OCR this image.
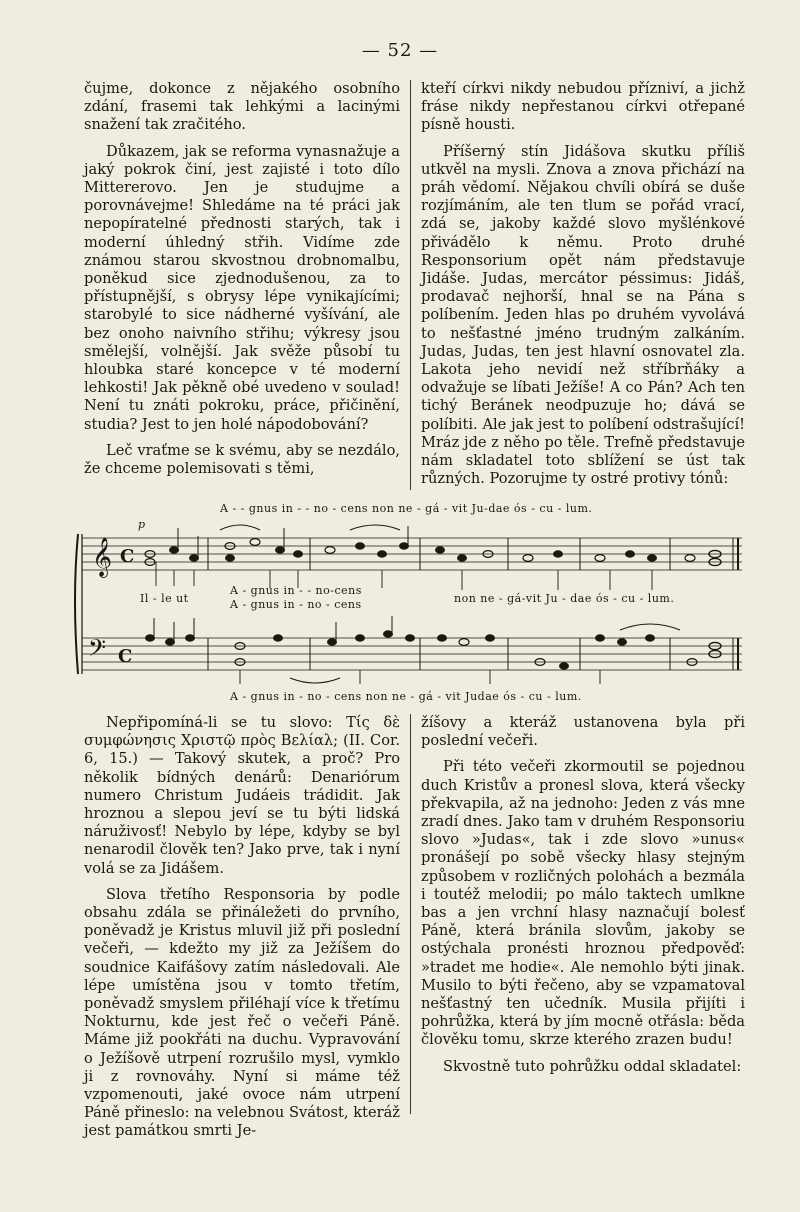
— 52 —

čujme, dokonce z nějakého osobního zdání, frasemi tak lehkými a lacinými snažení tak zračitého.

Důkazem, jak se reforma vynasnažuje a jaký pokrok činí, jest zajisté i toto dílo Mittererovo. Jen je studujme a porovnávejme! Shledáme na té práci jak nepopíratelné přednosti starých, tak i moderní úhledný střih. Vidíme zde známou starou skvostnou drobnomalbu, poněkud sice zjednodušenou, za to přístupnější, s obrysy lépe vynikajícími; starobylé to sice nádherné vyšívání, ale bez onoho naivního střihu; výkresy jsou smělejší, volnější. Jak svěže působí tu hloubka staré koncepce v té moderní lehkosti! Jak pěkně obé uvedeno v soulad! Není tu znáti pokroku, práce, přičinění, studia? Jest to jen holé nápodobování?

Leč vraťme se k svému, aby se nezdálo, že chceme polemisovati s těmi,

kteří církvi nikdy nebudou přízniví, a jichž fráse nikdy nepřestanou církvi otřepané písně housti.

Příšerný stín Jidášova skutku příliš utkvěl na mysli. Znova a znova přichází na práh vědomí. Nějakou chvíli obírá se duše rozjímáním, ale ten tlum se pořád vrací, zdá se, jakoby každé slovo myšlénkové přivádělo k němu. Proto druhé Responsorium opět nám představuje Jidáše. Judas, mercátor péssimus: Jidáš, prodavač nejhorší, hnal se na Pána s políbením. Jeden hlas po druhém vyvolává to nešťastné jméno trudným zalkáním. Judas, Judas, ten jest hlavní osnovatel zla. Lakota jeho nevidí než stříbrňáky a odvažuje se líbati Ježíše! A co Pán? Ach ten tichý Beránek neodpuzuje ho; dává se políbiti. Ale jak jest to políbení odstrašující! Mráz jde z něho po těle. Trefně představuje nám skladatel toto sblížení se úst tak různých. Pozorujme ty ostré protivy tónů:

A - - gnus in - - no - cens non ne - gá - vit Ju-dae ós - cu - lum.
p
𝄞 C
Il - le ut
A - gnus in - - no-cens
A - gnus in - no - cens	non ne - gá-vit Ju - dae ós - cu - lum.
𝄢 C
A - gnus in - no - cens non ne - gá - vit Judae ós - cu - lum.

Nepřipomíná-li se tu slovo: Τίς δὲ συμφώνησις Χριστῷ πρὸς Βελίαλ; (II. Cor. 6, 15.) — Takový skutek, a proč? Pro několik bídných denárů: Denariórum numero Christum Judáeis trádidit. Jak hroznou a slepou jeví se tu býti lidská náruživosť! Nebylo by lépe, kdyby se byl nenarodil člověk ten? Jako prve, tak i nyní volá se za Jidášem.

Slova třetího Responsoria by podle obsahu zdála se přináležeti do prvního, poněvadž je Kristus mluvil již při poslední večeři, — kdežto my již za Ježíšem do soudnice Kaifášovy zatím následovali. Ale lépe umístěna jsou v tomto třetím, poněvadž smyslem přiléhají více k třetímu Nokturnu, kde jest řeč o večeři Páně. Máme již pookřáti na duchu. Vypravování o Ježíšově utrpení rozrušilo mysl, vymklo ji z rovnováhy. Nyní si máme též vzpomenouti, jaké ovoce nám utrpení Páně přineslo: na velebnou Svátost, kteráž jest památkou smrti Je-

žíšovy a kteráž ustanovena byla při poslední večeři.

Při této večeři zkormoutil se pojednou duch Kristův a pronesl slova, která všecky překvapila, až na jednoho: Jeden z vás mne zradí dnes. Jako tam v druhém Responsoriu slovo »Judas«, tak i zde slovo »unus« pronášejí po sobě všecky hlasy stejným způsobem v rozličných polohách a bezmála i toutéž melodii; po málo taktech umlkne bas a jen vrchní hlasy naznačují bolesť Páně, která bránila slovům, jakoby se ostýchala pronésti hroznou předpověď: »tradet me hodie«. Ale nemohlo býti jinak. Musilo to býti řečeno, aby se vzpamatoval nešťastný ten učedník. Musila přijíti i pohrůžka, která by jím mocně otřásla: běda člověku tomu, skrze kterého zrazen budu!

Skvostně tuto pohrůžku oddal skladatel:
